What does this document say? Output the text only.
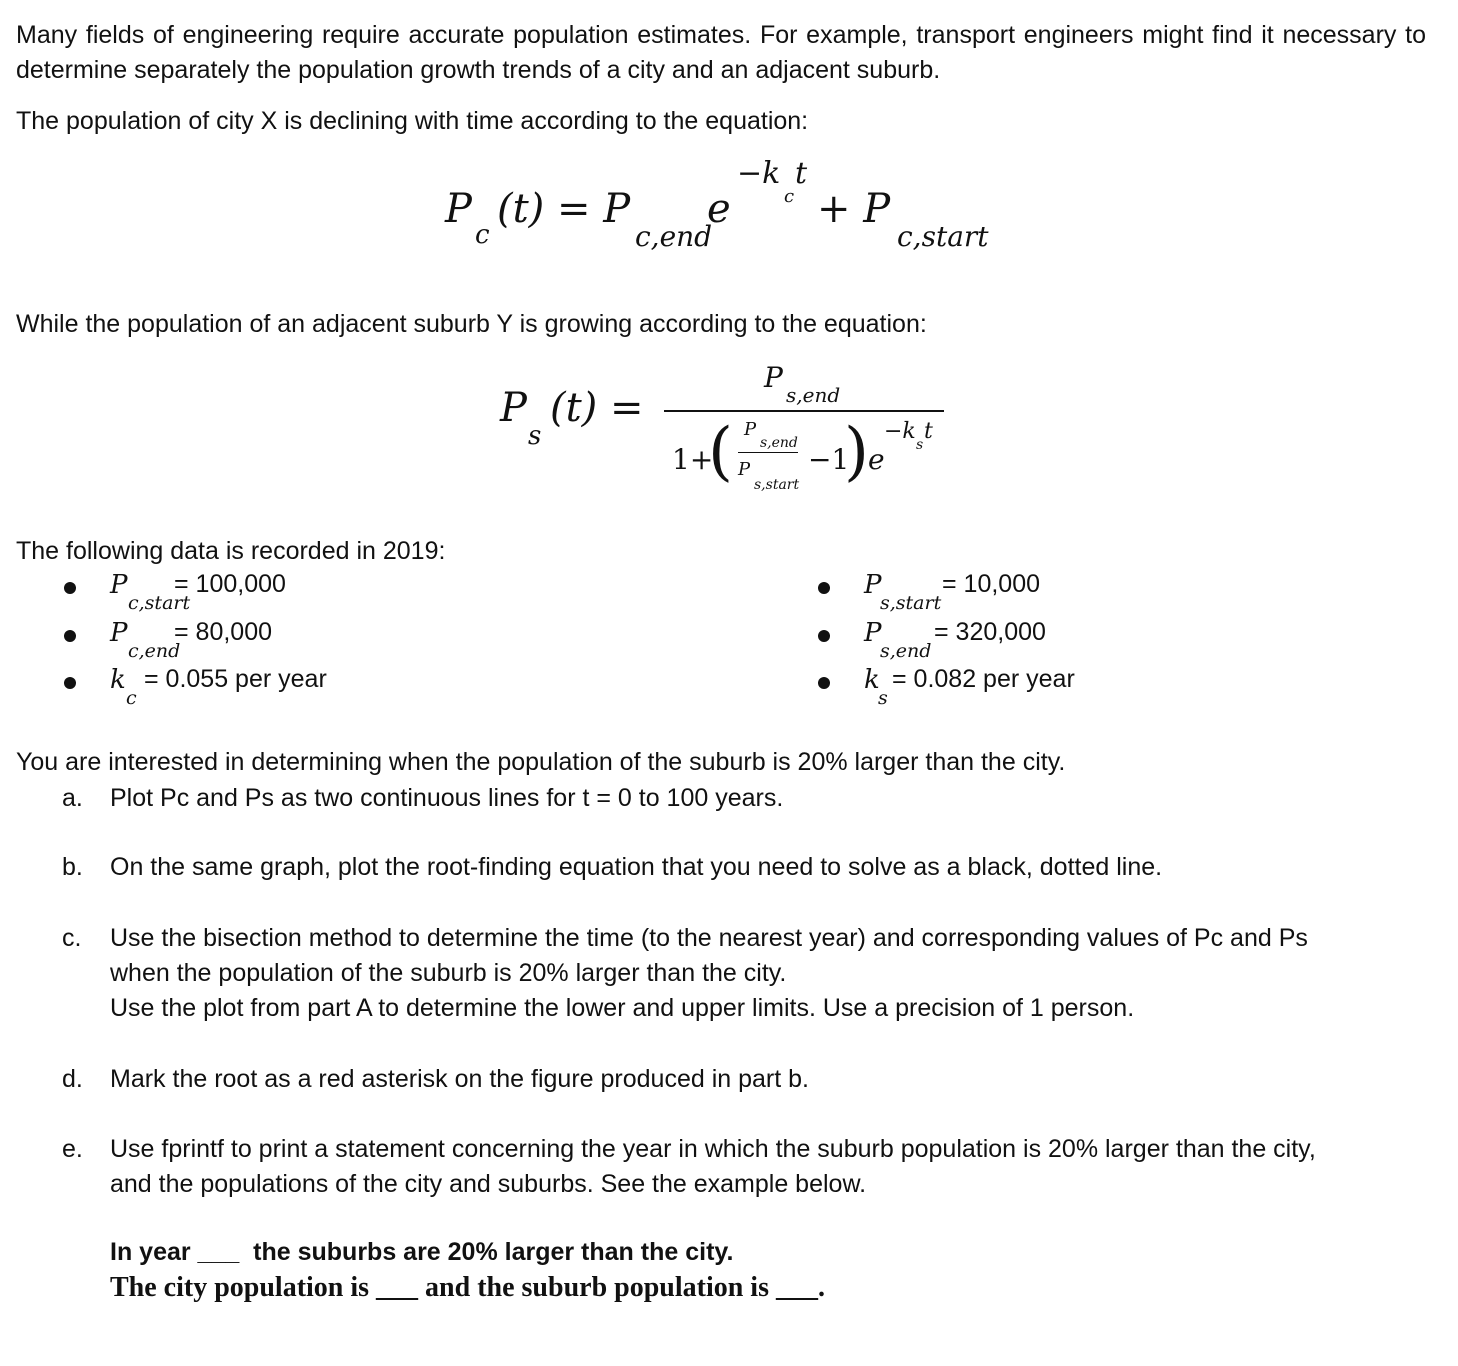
Many fields of engineering require accurate population estimates. For example, transport engineers might find it necessary to determine separately the population growth trends of a city and an adjacent suburb.

The population of city X is declining with time according to the equation:

P
c
(t) = P
c,end
e
−k
c
t
+ P
c,start

While the population of an adjacent suburb Y is growing according to the equation:

P
s
(t) =
P
s,end
1+
( P
s,end
P
s,start
−1
) e
−k
s
t

The following data is recorded in 2019:

P
c,start
= 100,000
P
c,end
= 80,000
k
c
= 0.055 per year
P
s,start
= 10,000
P
s,end
= 320,000
k
s
= 0.082 per year

You are interested in determining when the population of the suburb is 20% larger than the city.

a. Plot Pc and Ps as two continuous lines for t = 0 to 100 years.
b. On the same graph, plot the root-finding equation that you need to solve as a black, dotted line.
c. Use the bisection method to determine the time (to the nearest year) and corresponding values of Pc and Ps
when the population of the suburb is 20% larger than the city.
Use the plot from part A to determine the lower and upper limits. Use a precision of 1 person.
d. Mark the root as a red asterisk on the figure produced in part b.
e. Use fprintf to print a statement concerning the year in which the suburb population is 20% larger than the city,
and the populations of the city and suburbs. See the example below.
In year ___  the suburbs are 20% larger than the city.
The city population is ___ and the suburb population is ___.
